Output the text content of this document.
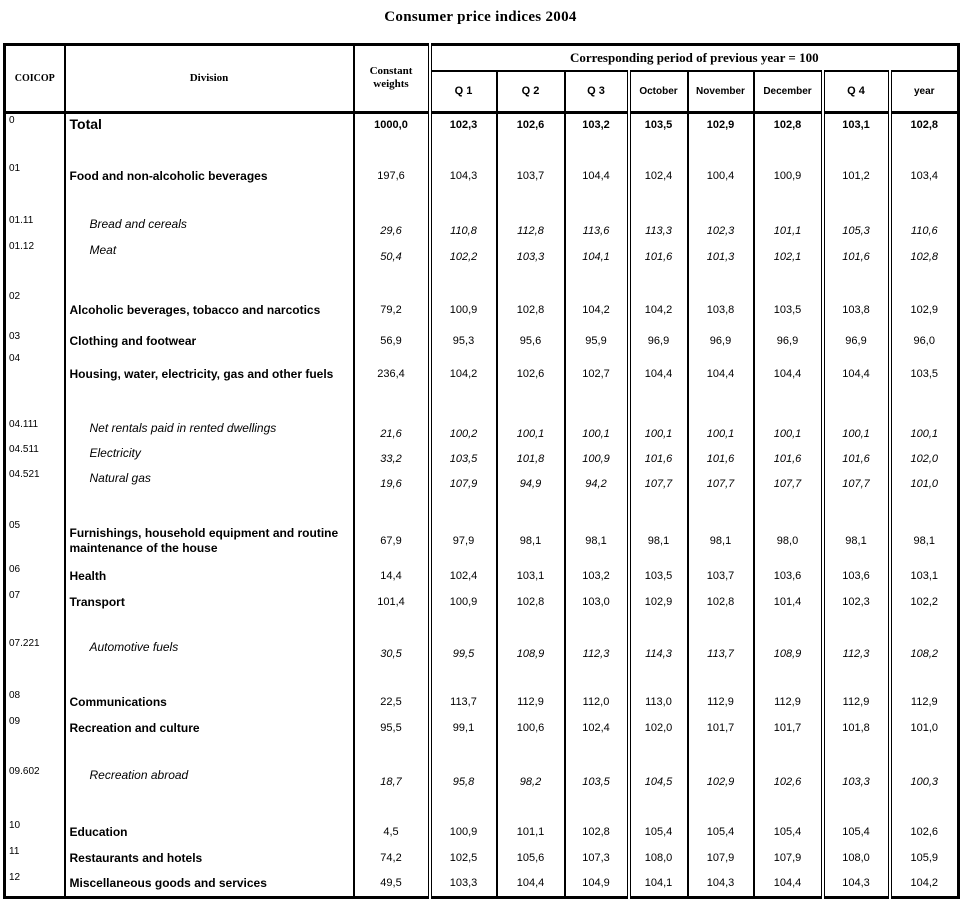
Consumer price indices 2004
COICOP	Division	Constant weights	Corresponding period of previous year = 100							
			Q 1	Q 2	Q 3	October	November	December	Q 4	year
0	Total	1000,0	102,3	102,6	103,2	103,5	102,9	102,8	103,1	102,8
01	Food and non-alcoholic beverages	197,6	104,3	103,7	104,4	102,4	100,4	100,9	101,2	103,4
01.11	Bread and cereals	29,6	110,8	112,8	113,6	113,3	102,3	101,1	105,3	110,6
01.12	Meat	50,4	102,2	103,3	104,1	101,6	101,3	102,1	101,6	102,8

02	Alcoholic beverages, tobacco and narcotics	79,2	100,9	102,8	104,2	104,2	103,8	103,5	103,8	102,9
03	Clothing and footwear	56,9	95,3	95,6	95,9	96,9	96,9	96,9	96,9	96,0
04	Housing, water, electricity, gas and other fuels	236,4	104,2	102,6	102,7	104,4	104,4	104,4	104,4	103,5

04.111	Net rentals paid in rented dwellings	21,6	100,2	100,1	100,1	100,1	100,1	100,1	100,1	100,1
04.511	Electricity	33,2	103,5	101,8	100,9	101,6	101,6	101,6	101,6	102,0
04.521	Natural gas	19,6	107,9	94,9	94,2	107,7	107,7	107,7	107,7	101,0

05	Furnishings, household equipment and routine maintenance of the house	67,9	97,9	98,1	98,1	98,1	98,1	98,0	98,1	98,1
06	Health	14,4	102,4	103,1	103,2	103,5	103,7	103,6	103,6	103,1
07	Transport	101,4	100,9	102,8	103,0	102,9	102,8	101,4	102,3	102,2

07.221	Automotive fuels	30,5	99,5	108,9	112,3	114,3	113,7	108,9	112,3	108,2

08	Communications	22,5	113,7	112,9	112,0	113,0	112,9	112,9	112,9	112,9
09	Recreation and culture	95,5	99,1	100,6	102,4	102,0	101,7	101,7	101,8	101,0

09.602	Recreation abroad	18,7	95,8	98,2	103,5	104,5	102,9	102,6	103,3	100,3

10	Education	4,5	100,9	101,1	102,8	105,4	105,4	105,4	105,4	102,6
11	Restaurants and hotels	74,2	102,5	105,6	107,3	108,0	107,9	107,9	108,0	105,9
12	Miscellaneous goods and services	49,5	103,3	104,4	104,9	104,1	104,3	104,4	104,3	104,2
